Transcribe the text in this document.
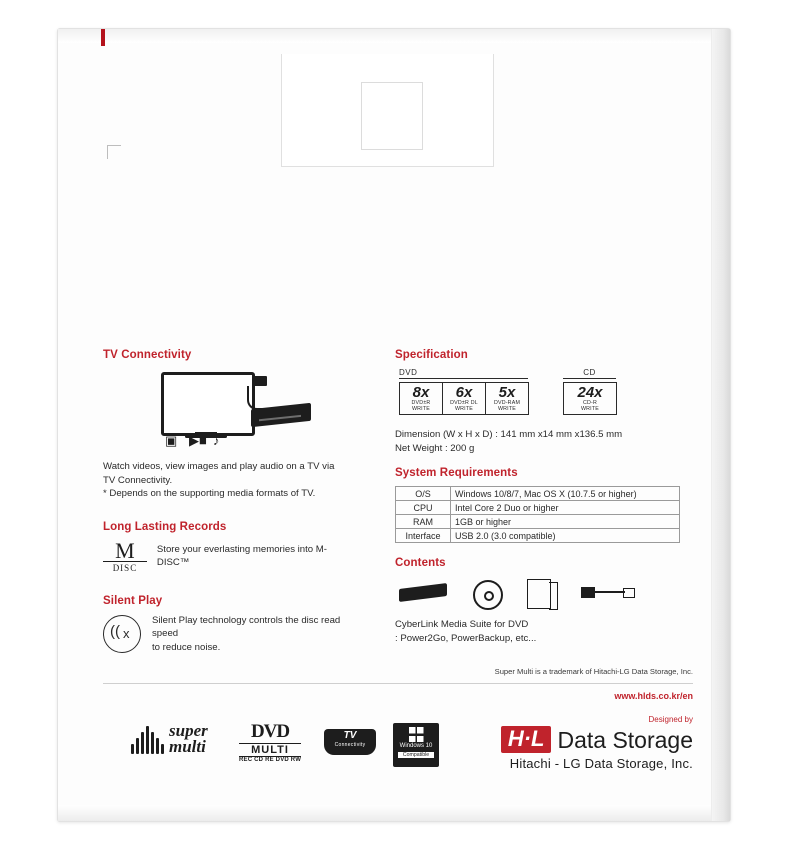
TV Connectivity
▣ ▶■ ♪

Watch videos, view images and play audio on a TV via

TV Connectivity.

* Depends on the supporting media formats of TV.

Long Lasting Records
M
DISC

Store your everlasting memories into M-DISC™

Silent Play
(( x

Silent Play technology controls the disc read speed

to reduce noise.

Specification
DVD
8x
DVD±R
WRITE
6x
DVD±R DL
WRITE
5x
DVD-RAM
WRITE
CD
24x
CD-R
WRITE
Dimension (W x H x D) : 141 mm x14 mm x136.5 mm
Net Weight : 200 g
System Requirements
O/S	Windows 10/8/7, Mac OS X (10.7.5 or higher)
CPU	Intel Core 2 Duo or higher
RAM	1GB or higher
Interface	USB 2.0 (3.0 compatible)
Contents

CyberLink Media Suite for DVD

: Power2Go, PowerBackup, etc...

Super Multi is a trademark of Hitachi-LG Data Storage, Inc.
www.hlds.co.kr/en
super
multi
DVD
MULTI
REC CD RE DVD RW
TV
Connectivity	Windows 10
Compatible
Designed by
H·L Data Storage
Hitachi - LG Data Storage, Inc.
